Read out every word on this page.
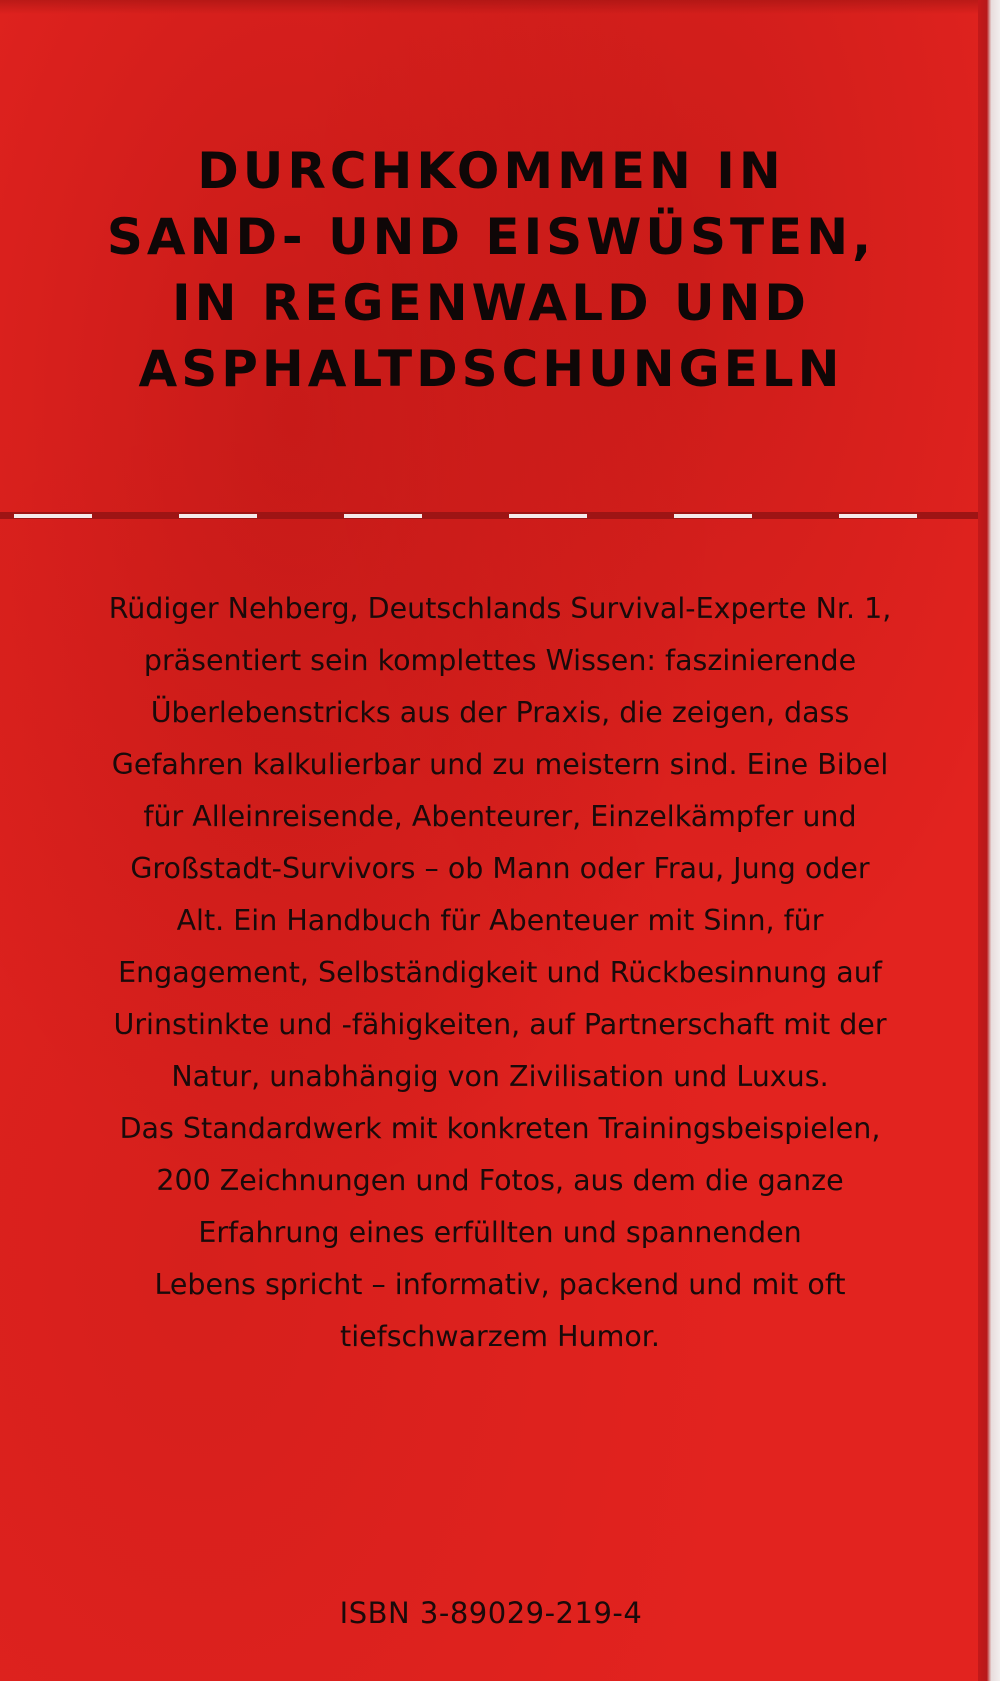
DURCHKOMMEN IN
SAND- UND EISWÜSTEN,
IN REGENWALD UND
ASPHALTDSCHUNGELN

Rüdiger Nehberg, Deutschlands Survival-Experte Nr. 1,
präsentiert sein komplettes Wissen: faszinierende
Überlebenstricks aus der Praxis, die zeigen, dass
Gefahren kalkulierbar und zu meistern sind. Eine Bibel
für Alleinreisende, Abenteurer, Einzelkämpfer und
Großstadt-Survivors – ob Mann oder Frau, Jung oder
Alt. Ein Handbuch für Abenteuer mit Sinn, für
Engagement, Selbständigkeit und Rückbesinnung auf
Urinstinkte und -fähigkeiten, auf Partnerschaft mit der
Natur, unabhängig von Zivilisation und Luxus.
Das Standardwerk mit konkreten Trainingsbeispielen,
200 Zeichnungen und Fotos, aus dem die ganze
Erfahrung eines erfüllten und spannenden
Lebens spricht – informativ, packend und mit oft
tiefschwarzem Humor.

ISBN 3-89029-219-4
